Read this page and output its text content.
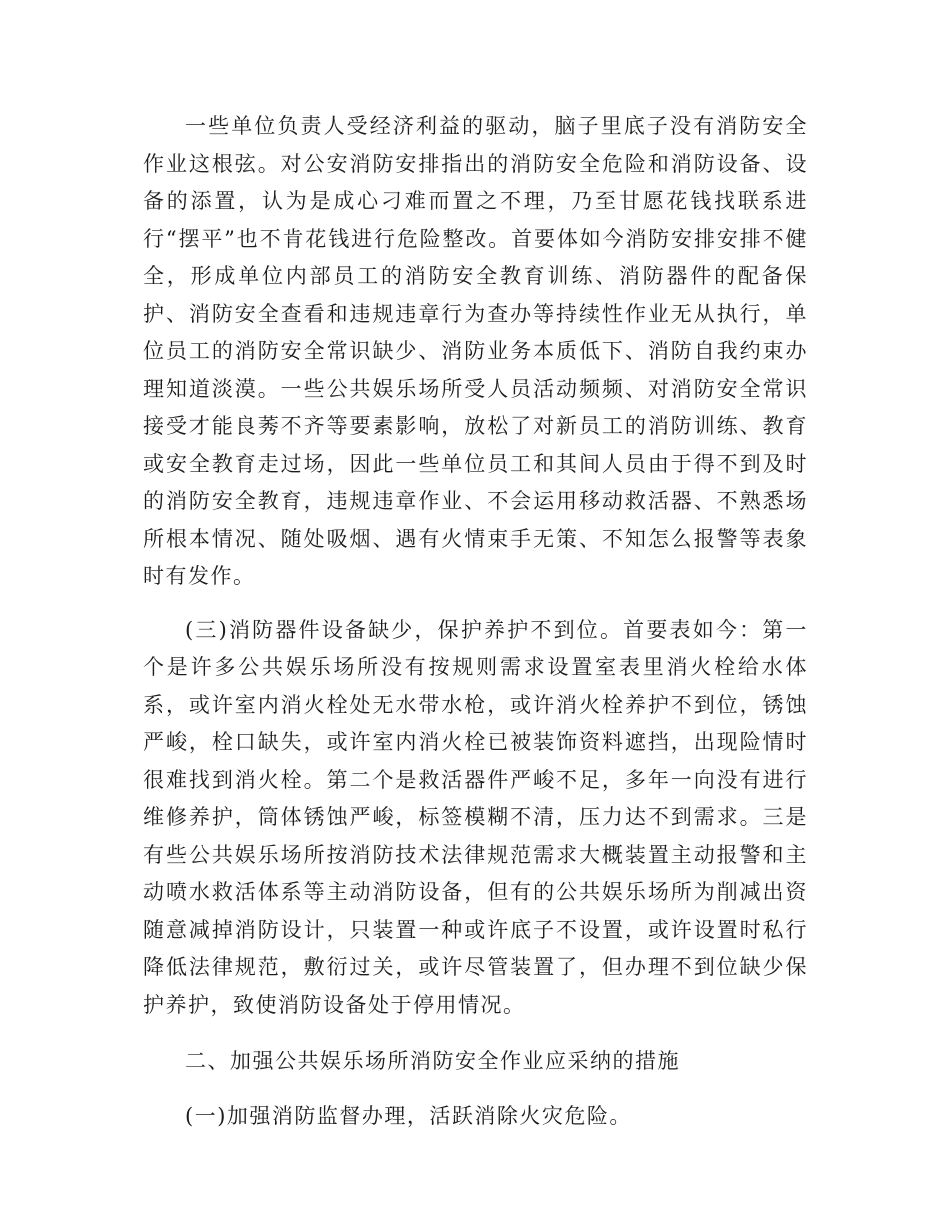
一些单位负责人受经济利益的驱动，脑子里底子没有消防安全作业这根弦。对公安消防安排指出的消防安全危险和消防设备、设备的添置，认为是成心刁难而置之不理，乃至甘愿花钱找联系进行“摆平”也不肯花钱进行危险整改。首要体如今消防安排安排不健全，形成单位内部员工的消防安全教育训练、消防器件的配备保护、消防安全查看和违规违章行为查办等持续性作业无从执行，单位员工的消防安全常识缺少、消防业务本质低下、消防自我约束办理知道淡漠。一些公共娱乐场所受人员活动频频、对消防安全常识接受才能良莠不齐等要素影响，放松了对新员工的消防训练、教育或安全教育走过场，因此一些单位员工和其间人员由于得不到及时的消防安全教育，违规违章作业、不会运用移动救活器、不熟悉场所根本情况、随处吸烟、遇有火情束手无策、不知怎么报警等表象时有发作。

(三)消防器件设备缺少，保护养护不到位。首要表如今：第一个是许多公共娱乐场所没有按规则需求设置室表里消火栓给水体系，或许室内消火栓处无水带水枪，或许消火栓养护不到位，锈蚀严峻，栓口缺失，或许室内消火栓已被装饰资料遮挡，出现险情时很难找到消火栓。第二个是救活器件严峻不足，多年一向没有进行维修养护，筒体锈蚀严峻，标签模糊不清，压力达不到需求。三是有些公共娱乐场所按消防技术法律规范需求大概装置主动报警和主动喷水救活体系等主动消防设备，但有的公共娱乐场所为削减出资随意减掉消防设计，只装置一种或许底子不设置，或许设置时私行降低法律规范，敷衍过关，或许尽管装置了，但办理不到位缺少保护养护，致使消防设备处于停用情况。

二、加强公共娱乐场所消防安全作业应采纳的措施

(一)加强消防监督办理，活跃消除火灾危险。
